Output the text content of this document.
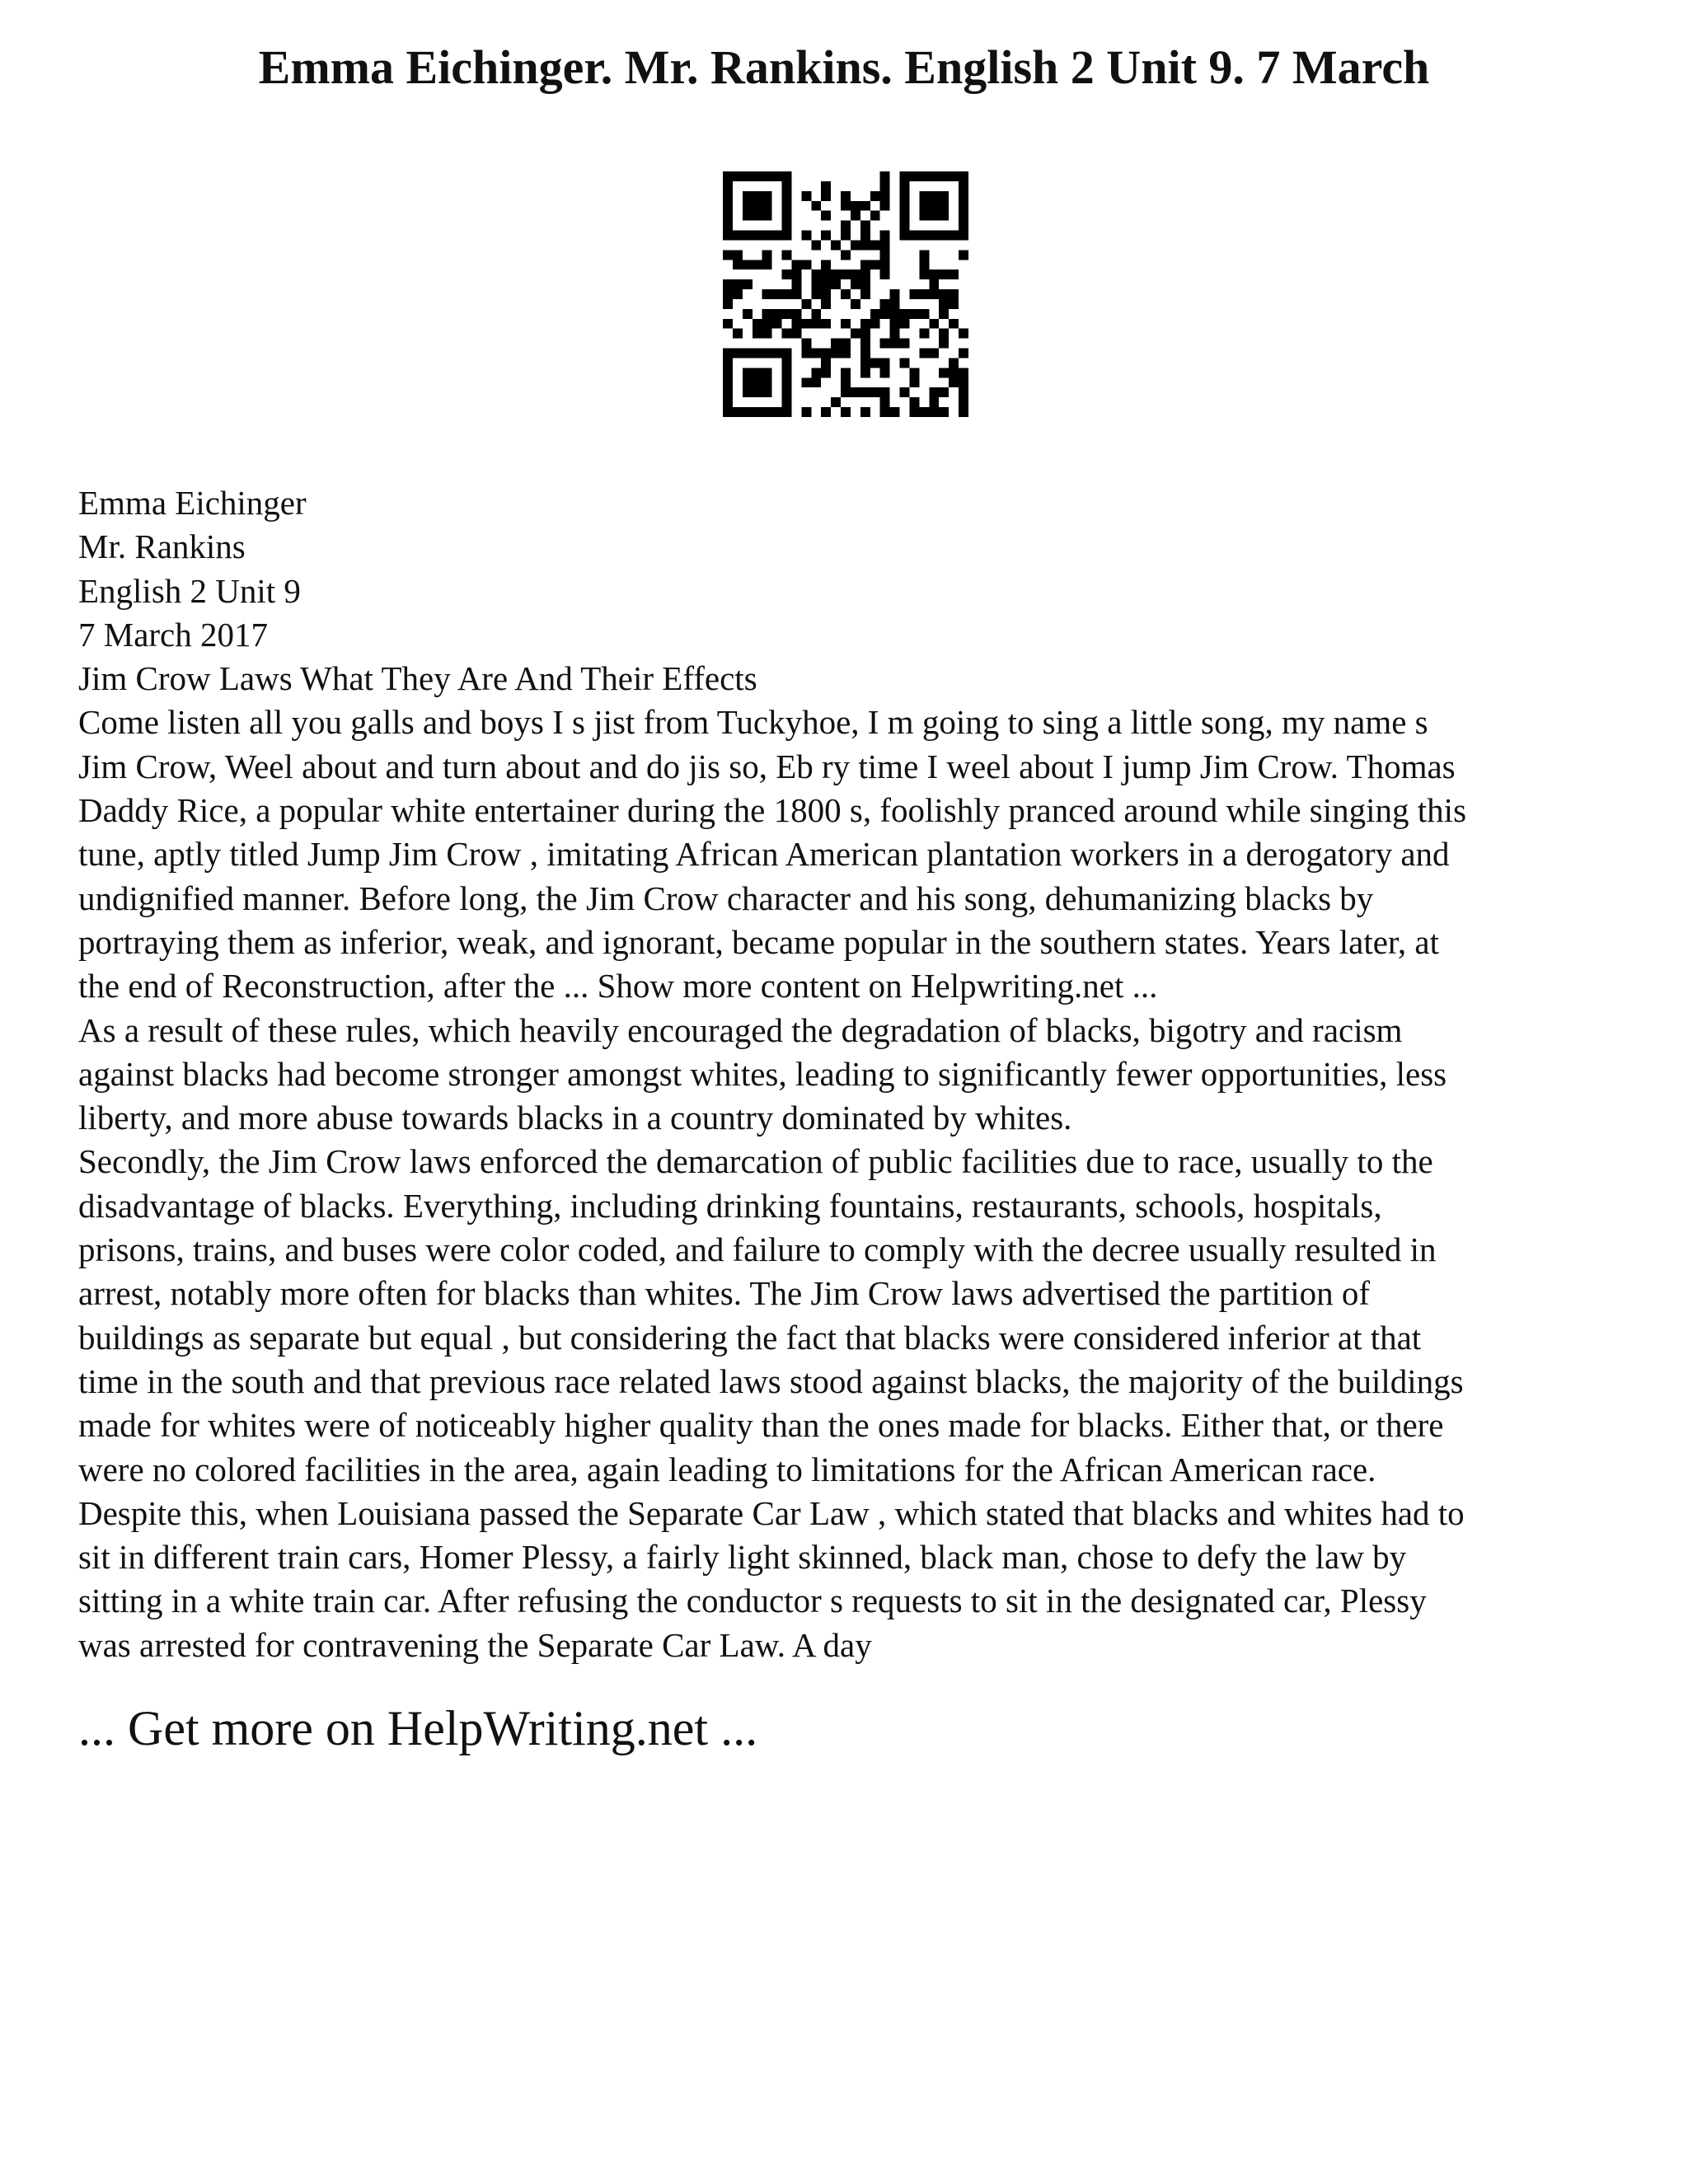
Emma Eichinger. Mr. Rankins. English 2 Unit 9. 7 March
Emma Eichinger
Mr. Rankins
English 2 Unit 9
7 March 2017
Jim Crow Laws What They Are And Their Effects
Come listen all you galls and boys I s jist from Tuckyhoe, I m going to sing a little song, my name s
Jim Crow, Weel about and turn about and do jis so, Eb ry time I weel about I jump Jim Crow. Thomas
Daddy Rice, a popular white entertainer during the 1800 s, foolishly pranced around while singing this
tune, aptly titled Jump Jim Crow , imitating African American plantation workers in a derogatory and
undignified manner. Before long, the Jim Crow character and his song, dehumanizing blacks by
portraying them as inferior, weak, and ignorant, became popular in the southern states. Years later, at
the end of Reconstruction, after the ... Show more content on Helpwriting.net ...
As a result of these rules, which heavily encouraged the degradation of blacks, bigotry and racism
against blacks had become stronger amongst whites, leading to significantly fewer opportunities, less
liberty, and more abuse towards blacks in a country dominated by whites.
Secondly, the Jim Crow laws enforced the demarcation of public facilities due to race, usually to the
disadvantage of blacks. Everything, including drinking fountains, restaurants, schools, hospitals,
prisons, trains, and buses were color coded, and failure to comply with the decree usually resulted in
arrest, notably more often for blacks than whites. The Jim Crow laws advertised the partition of
buildings as separate but equal , but considering the fact that blacks were considered inferior at that
time in the south and that previous race related laws stood against blacks, the majority of the buildings
made for whites were of noticeably higher quality than the ones made for blacks. Either that, or there
were no colored facilities in the area, again leading to limitations for the African American race.
Despite this, when Louisiana passed the Separate Car Law , which stated that blacks and whites had to
sit in different train cars, Homer Plessy, a fairly light skinned, black man, chose to defy the law by
sitting in a white train car. After refusing the conductor s requests to sit in the designated car, Plessy
was arrested for contravening the Separate Car Law. A day
... Get more on HelpWriting.net ...
